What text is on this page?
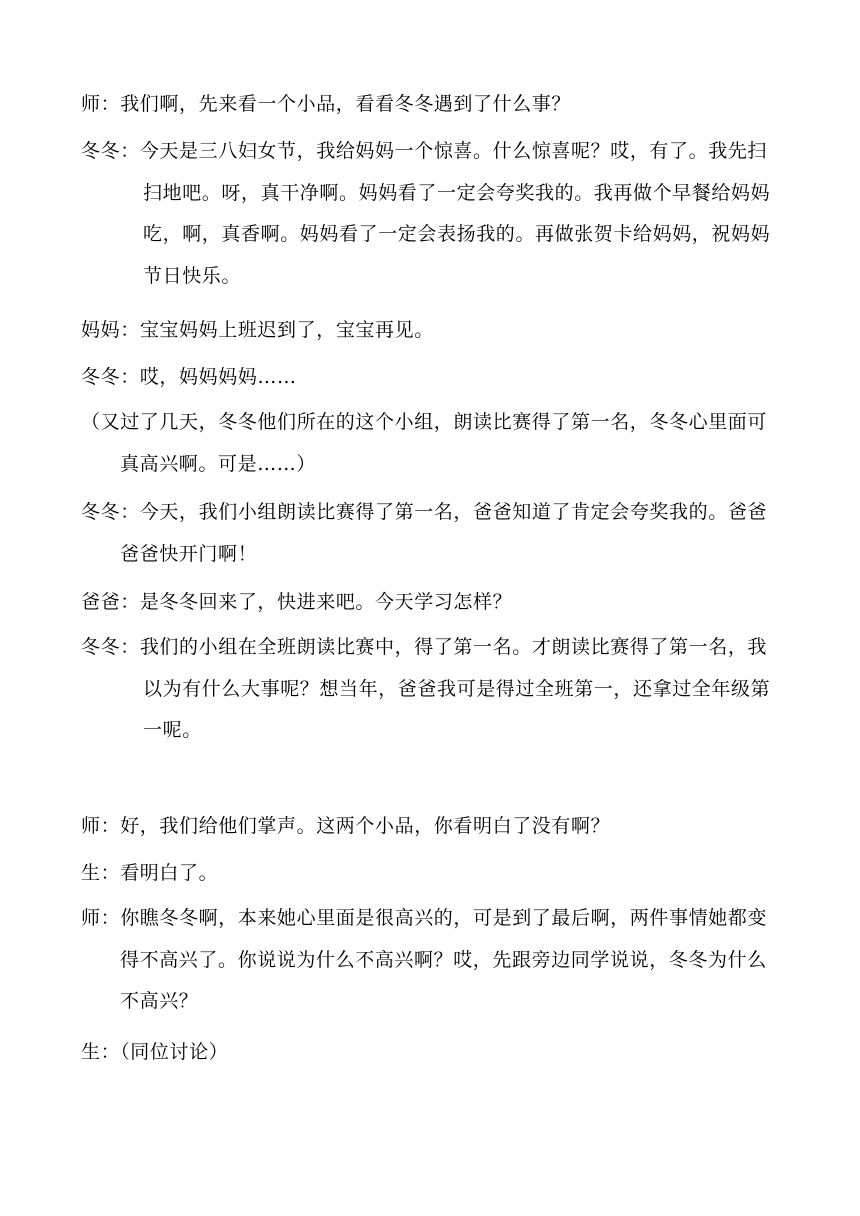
师：我们啊，先来看一个小品，看看冬冬遇到了什么事？
冬冬：今天是三八妇女节，我给妈妈一个惊喜。什么惊喜呢？哎，有了。我先扫扫地吧。呀，真干净啊。妈妈看了一定会夸奖我的。我再做个早餐给妈妈吃，啊，真香啊。妈妈看了一定会表扬我的。再做张贺卡给妈妈，祝妈妈节日快乐。
妈妈：宝宝妈妈上班迟到了，宝宝再见。
冬冬：哎，妈妈妈妈……
（又过了几天，冬冬他们所在的这个小组，朗读比赛得了第一名，冬冬心里面可真高兴啊。可是……）
冬冬：今天，我们小组朗读比赛得了第一名，爸爸知道了肯定会夸奖我的。爸爸爸爸快开门啊！
爸爸：是冬冬回来了，快进来吧。今天学习怎样？
冬冬：我们的小组在全班朗读比赛中，得了第一名。才朗读比赛得了第一名，我以为有什么大事呢？想当年，爸爸我可是得过全班第一，还拿过全年级第一呢。
师：好，我们给他们掌声。这两个小品，你看明白了没有啊？
生：看明白了。
师：你瞧冬冬啊，本来她心里面是很高兴的，可是到了最后啊，两件事情她都变得不高兴了。你说说为什么不高兴啊？哎，先跟旁边同学说说，冬冬为什么不高兴？
生：（同位讨论）
